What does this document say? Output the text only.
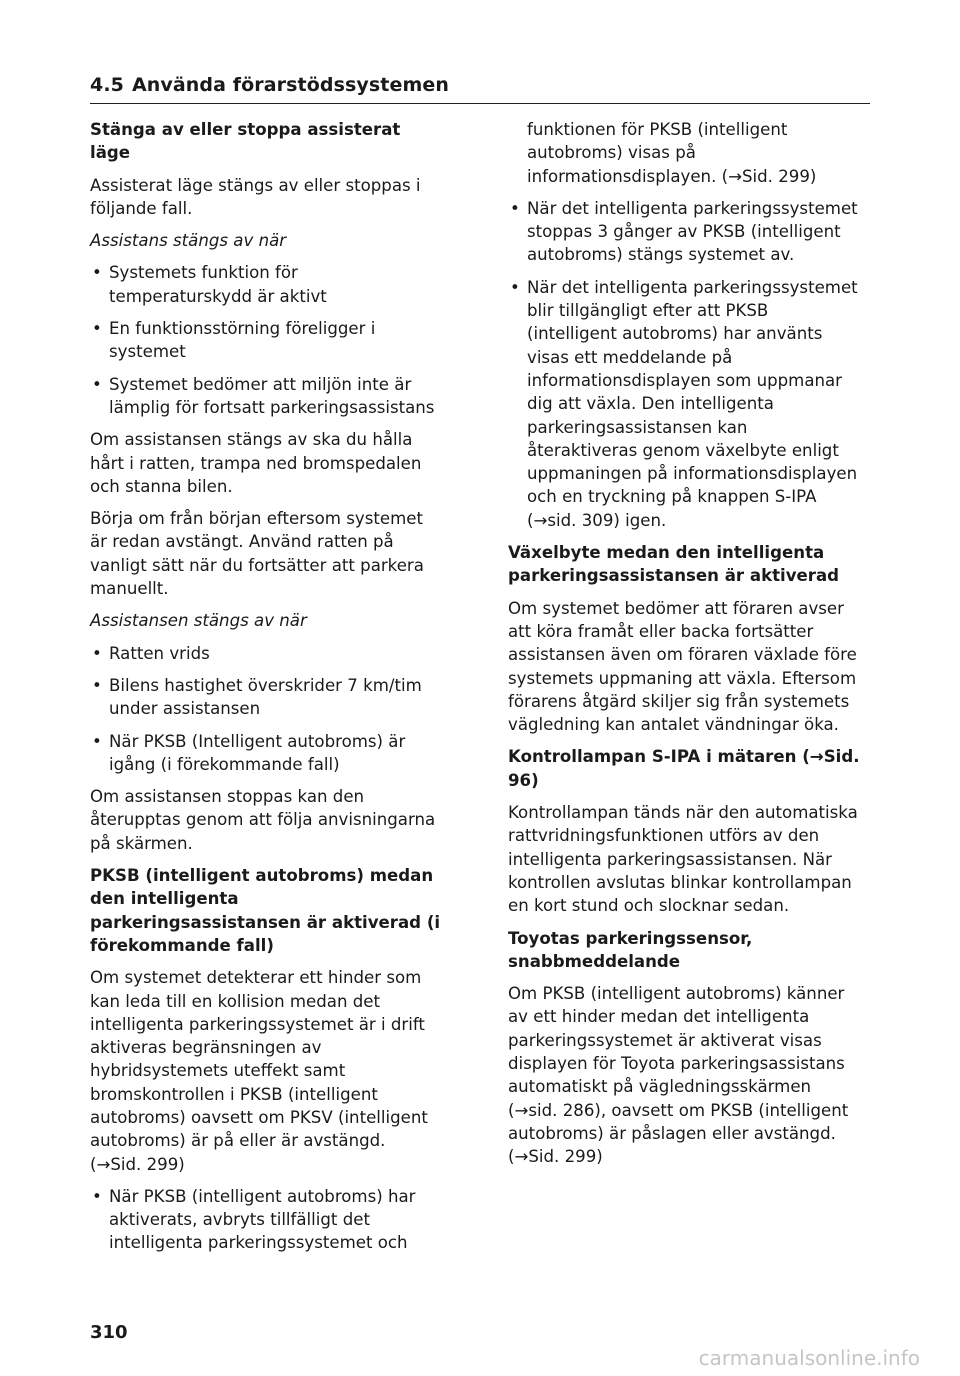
4.5 Använda förarstödssystemen
Stänga av eller stoppa assisterat läge

Assisterat läge stängs av eller stoppas i följande fall.

Assistans stängs av när

• Systemets funktion för temperaturskydd är aktivt
• En funktionsstörning föreligger i systemet
• Systemet bedömer att miljön inte är lämplig för fortsatt parkeringsassistans

Om assistansen stängs av ska du hålla hårt i ratten, trampa ned bromspedalen och stanna bilen.

Börja om från början eftersom systemet är redan avstängt. Använd ratten på vanligt sätt när du fortsätter att parkera manuellt.

Assistansen stängs av när

• Ratten vrids
• Bilens hastighet överskrider 7 km/tim under assistansen
• När PKSB (Intelligent autobroms) är igång (i förekommande fall)

Om assistansen stoppas kan den återupptas genom att följa anvisningarna på skärmen.

PKSB (intelligent autobroms) medan den intelligenta parkeringsassistansen är aktiverad (i förekommande fall)

Om systemet detekterar ett hinder som kan leda till en kollision medan det intelligenta parkeringssystemet är i drift aktiveras begränsningen av hybridsystemets uteffekt samt bromskontrollen i PKSB (intelligent autobroms) oavsett om PKSV (intelligent autobroms) är på eller är avstängd. (→Sid. 299)

• När PKSB (intelligent autobroms) har aktiverats, avbryts tillfälligt det intelligenta parkeringssystemet och
funktionen för PKSB (intelligent autobroms) visas på informationsdisplayen. (→Sid. 299)
• När det intelligenta parkeringssystemet stoppas 3 gånger av PKSB (intelligent autobroms) stängs systemet av.
• När det intelligenta parkeringssystemet blir tillgängligt efter att PKSB (intelligent autobroms) har använts visas ett meddelande på informationsdisplayen som uppmanar dig att växla. Den intelligenta parkeringsassistansen kan återaktiveras genom växelbyte enligt uppmaningen på informationsdisplayen och en tryckning på knappen S-IPA (→sid. 309) igen.
Växelbyte medan den intelligenta parkeringsassistansen är aktiverad

Om systemet bedömer att föraren avser att köra framåt eller backa fortsätter assistansen även om föraren växlade före systemets uppmaning att växla. Eftersom förarens åtgärd skiljer sig från systemets vägledning kan antalet vändningar öka.

Kontrollampan S-IPA i mätaren (→Sid. 96)

Kontrollampan tänds när den automatiska rattvridningsfunktionen utförs av den intelligenta parkeringsassistansen. När kontrollen avslutas blinkar kontrollampan en kort stund och slocknar sedan.

Toyotas parkeringssensor, snabbmeddelande

Om PKSB (intelligent autobroms) känner av ett hinder medan det intelligenta parkeringssystemet är aktiverat visas displayen för Toyota parkeringsassistans automatiskt på vägledningsskärmen (→sid. 286), oavsett om PKSB (intelligent autobroms) är påslagen eller avstängd. (→Sid. 299)

310
carmanualsonline.info
